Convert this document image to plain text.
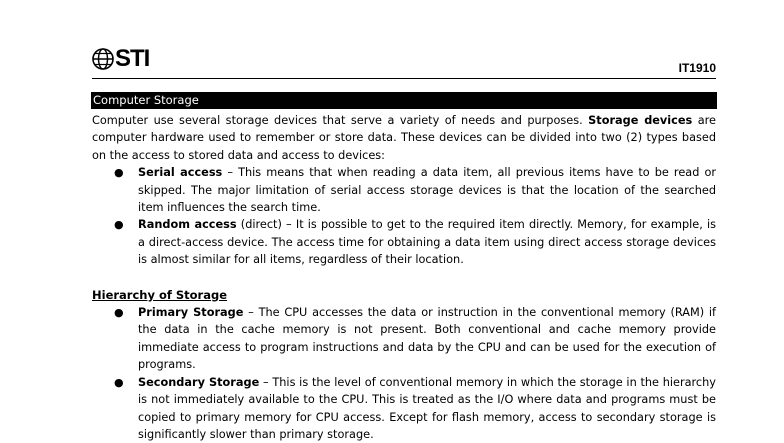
STI	IT1910
Computer Storage

Computer use several storage devices that serve a variety of needs and purposes. Storage devices are computer hardware used to remember or store data. These devices can be divided into two (2) types based on the access to stored data and access to devices:

● Serial access – This means that when reading a data item, all previous items have to be read or skipped. The major limitation of serial access storage devices is that the location of the searched item influences the search time.
● Random access (direct) – It is possible to get to the required item directly. Memory, for example, is a direct-access device. The access time for obtaining a data item using direct access storage devices is almost similar for all items, regardless of their location.
Hierarchy of Storage
● Primary Storage – The CPU accesses the data or instruction in the conventional memory (RAM) if the data in the cache memory is not present. Both conventional and cache memory provide immediate access to program instructions and data by the CPU and can be used for the execution of programs.
● Secondary Storage – This is the level of conventional memory in which the storage in the hierarchy is not immediately available to the CPU. This is treated as the I/O where data and programs must be copied to primary memory for CPU access. Except for flash memory, access to secondary storage is significantly slower than primary storage.
